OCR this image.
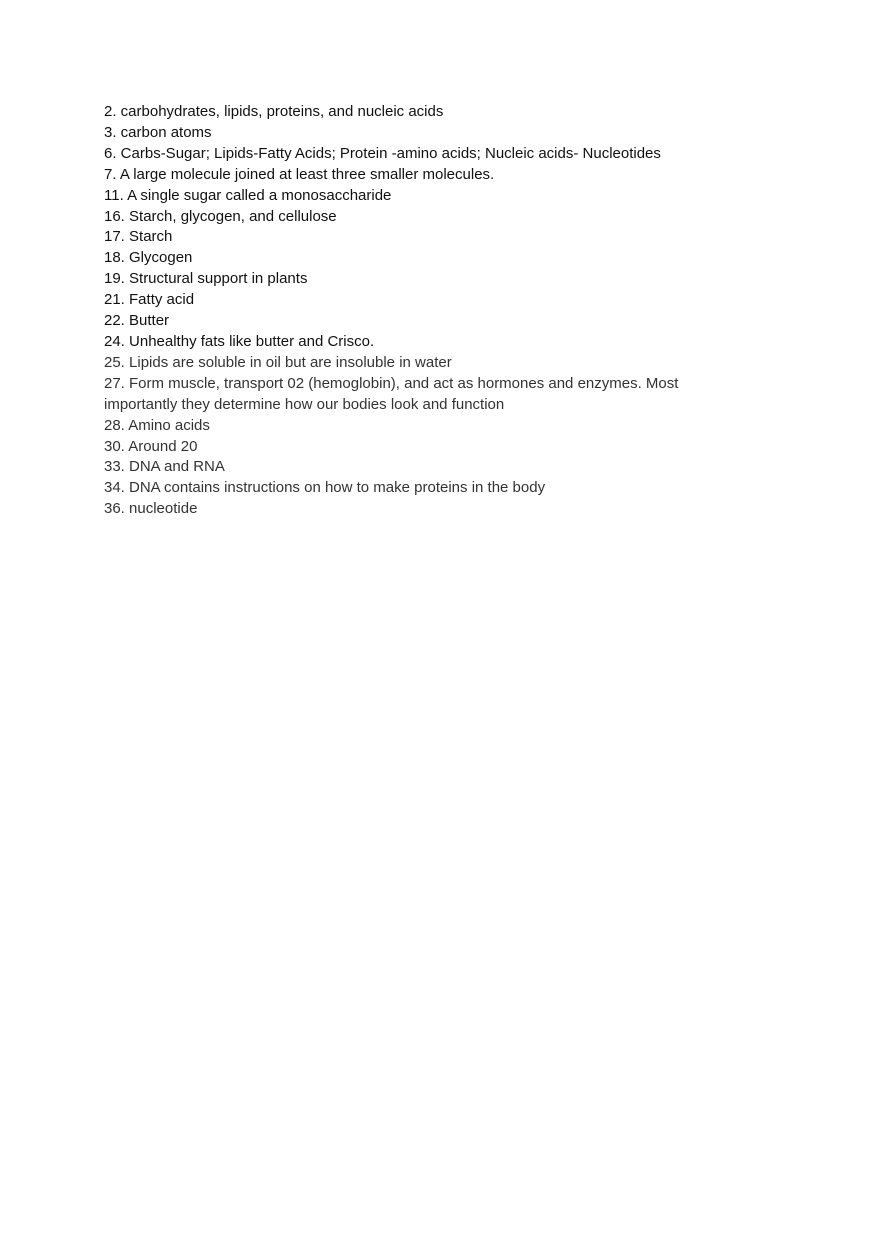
2. carbohydrates, lipids, proteins, and nucleic acids
3. carbon atoms
6. Carbs-Sugar; Lipids-Fatty Acids; Protein -amino acids; Nucleic acids- Nucleotides
7. A large molecule joined at least three smaller molecules.
11. A single sugar called a monosaccharide
16. Starch, glycogen, and cellulose
17. Starch
18. Glycogen
19. Structural support in plants
21. Fatty acid
22. Butter
24. Unhealthy fats like butter and Crisco.
25. Lipids are soluble in oil but are insoluble in water
27. Form muscle, transport 02 (hemoglobin), and act as hormones and enzymes. Most importantly they determine how our bodies look and function
28. Amino acids
30. Around 20
33. DNA and RNA
34. DNA contains instructions on how to make proteins in the body
36. nucleotide
